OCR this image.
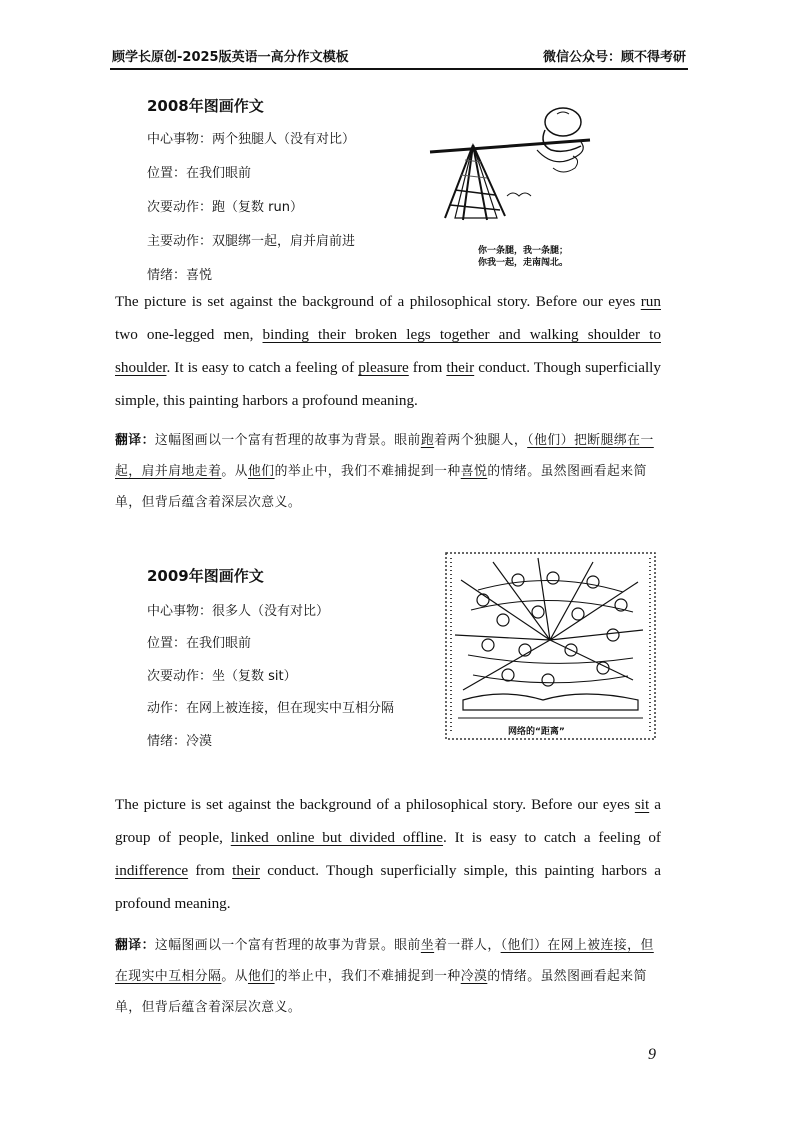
顾学长原创-2025版英语一高分作文模板	微信公众号：顾不得考研
2008年图画作文
中心事物：两个独腿人（没有对比）
位置：在我们眼前
次要动作：跑（复数 run）
主要动作：双腿绑一起，肩并肩前进
情绪：喜悦
你一条腿，我一条腿；
你我一起，走南闯北。
The picture is set against the background of a philosophical story. Before our eyes run two one-legged men, binding their broken legs together and walking shoulder to shoulder. It is easy to catch a feeling of pleasure from their conduct. Though superficially simple, this painting harbors a profound meaning.
翻译：这幅图画以一个富有哲理的故事为背景。眼前跑着两个独腿人，（他们）把断腿绑在一起，肩并肩地走着。从他们的举止中，我们不难捕捉到一种喜悦的情绪。虽然图画看起来简单，但背后蕴含着深层次意义。
2009年图画作文
中心事物：很多人（没有对比）
位置：在我们眼前
次要动作：坐（复数 sit）
动作：在网上被连接，但在现实中互相分隔
情绪：冷漠
网络的“距离”
The picture is set against the background of a philosophical story. Before our eyes sit a group of people, linked online but divided offline. It is easy to catch a feeling of indifference from their conduct. Though superficially simple, this painting harbors a profound meaning.
翻译：这幅图画以一个富有哲理的故事为背景。眼前坐着一群人，（他们）在网上被连接，但在现实中互相分隔。从他们的举止中，我们不难捕捉到一种冷漠的情绪。虽然图画看起来简单，但背后蕴含着深层次意义。
9
